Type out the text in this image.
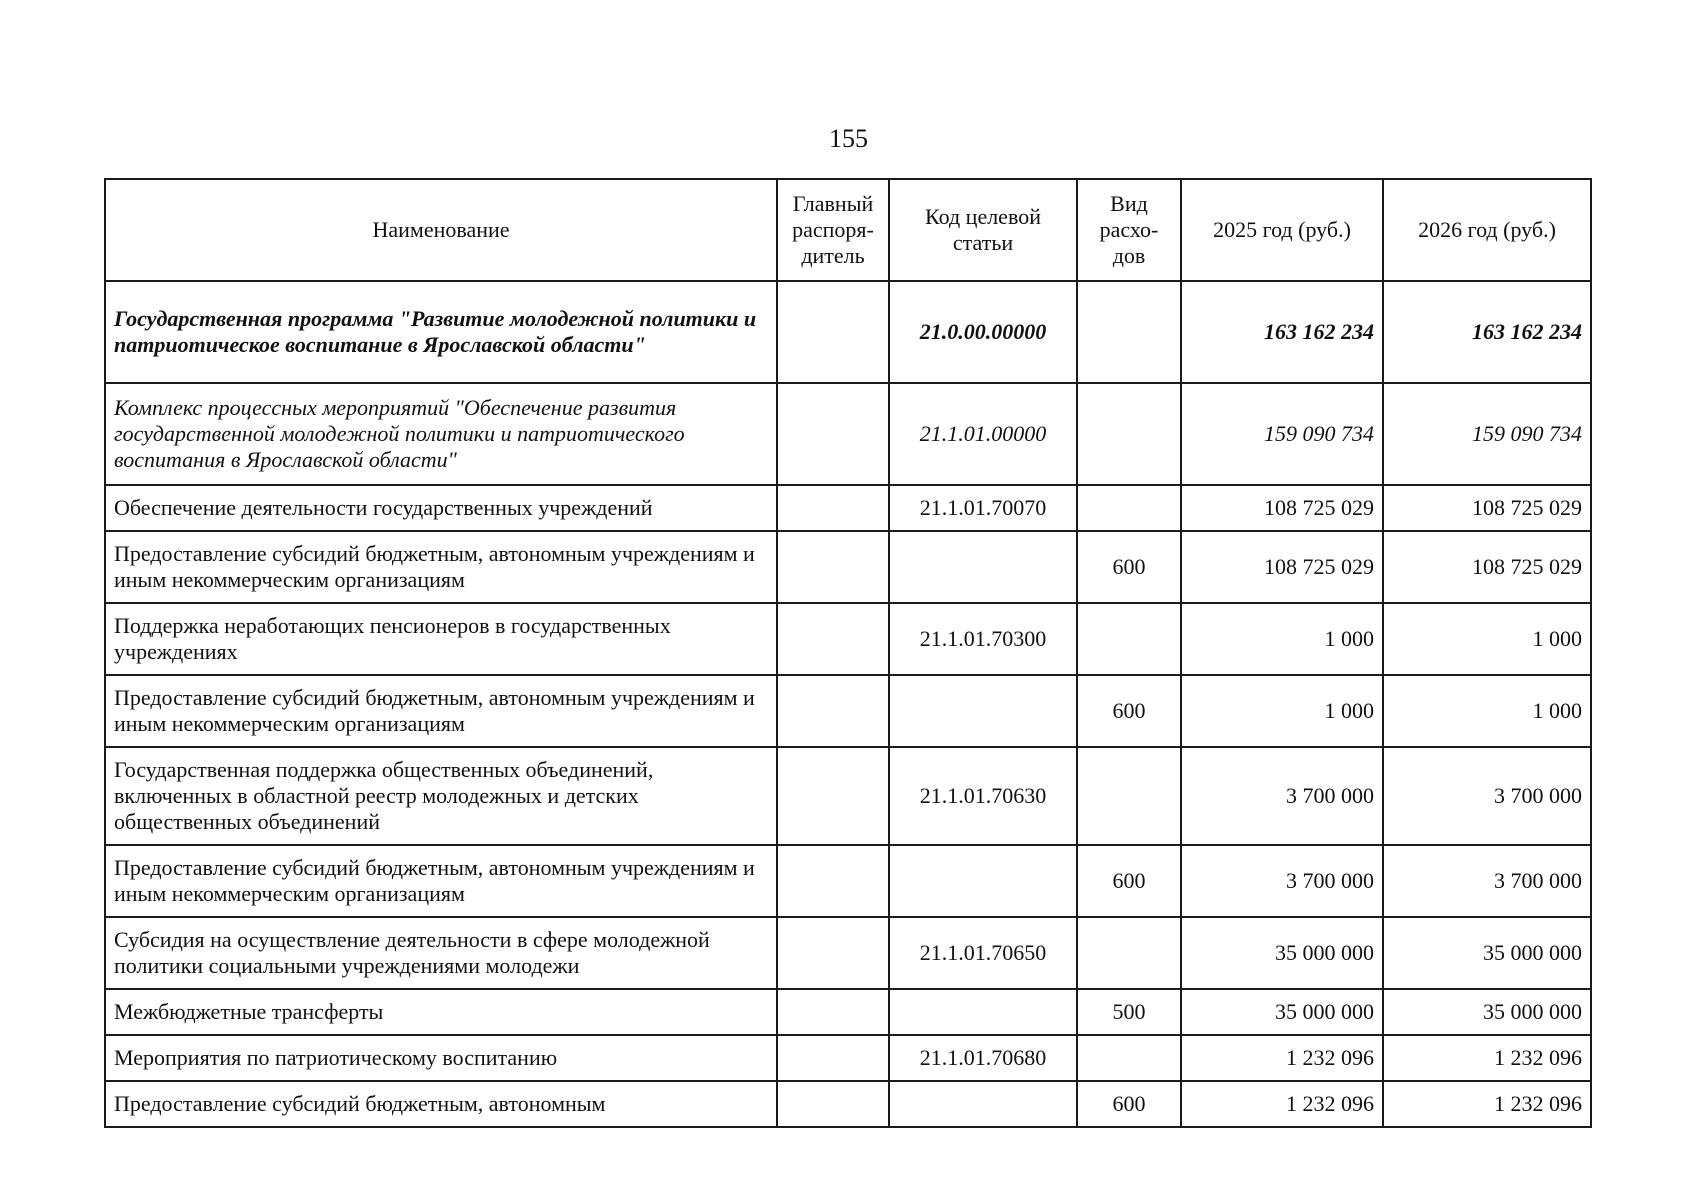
155
Наименование	Главный распоря-дитель	Код целевой статьи	Вид расхо-дов	2025 год (руб.)	2026 год (руб.)
Государственная программа "Развитие молодежной политики и патриотическое воспитание в Ярославской области"		21.0.00.00000		163 162 234	163 162 234
Комплекс процессных мероприятий "Обеспечение развития государственной молодежной политики и патриотического воспитания в Ярославской области"		21.1.01.00000		159 090 734	159 090 734
Обеспечение деятельности государственных учреждений		21.1.01.70070		108 725 029	108 725 029
Предоставление субсидий бюджетным, автономным учреждениям и иным некоммерческим организациям			600	108 725 029	108 725 029
Поддержка неработающих пенсионеров в государственных учреждениях		21.1.01.70300		1 000	1 000
Предоставление субсидий бюджетным, автономным учреждениям и иным некоммерческим организациям			600	1 000	1 000
Государственная поддержка общественных объединений, включенных в областной реестр молодежных и детских общественных объединений		21.1.01.70630		3 700 000	3 700 000
Предоставление субсидий бюджетным, автономным учреждениям и иным некоммерческим организациям			600	3 700 000	3 700 000
Субсидия на осуществление деятельности в сфере молодежной политики социальными учреждениями молодежи		21.1.01.70650		35 000 000	35 000 000
Межбюджетные трансферты			500	35 000 000	35 000 000
Мероприятия по патриотическому воспитанию		21.1.01.70680		1 232 096	1 232 096
Предоставление субсидий бюджетным, автономным			600	1 232 096	1 232 096
